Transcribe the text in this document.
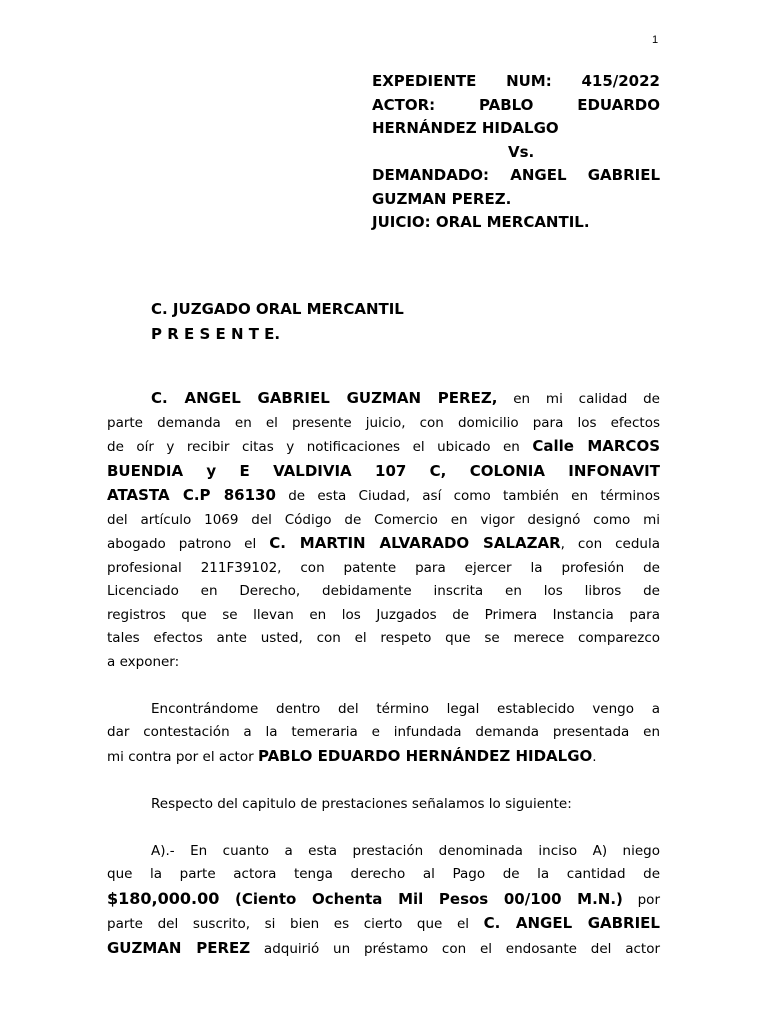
1
EXPEDIENTE NUM: 415/2022
ACTOR: PABLO EDUARDO
HERNÁNDEZ HIDALGO
Vs.
DEMANDADO: ANGEL GABRIEL
GUZMAN PEREZ.
JUICIO: ORAL MERCANTIL.
C. JUZGADO ORAL MERCANTIL
P R E S E N T E.
C. ANGEL GABRIEL GUZMAN PEREZ, en mi calidad de
parte demanda en el presente juicio, con domicilio para los efectos
de oír y recibir citas y notificaciones el ubicado en Calle MARCOS
BUENDIA y E VALDIVIA 107 C, COLONIA INFONAVIT
ATASTA C.P 86130 de esta Ciudad, así como también en términos
del artículo 1069 del Código de Comercio en vigor designó como mi
abogado patrono el C. MARTIN ALVARADO SALAZAR, con cedula
profesional 211F39102, con patente para ejercer la profesión de
Licenciado en Derecho, debidamente inscrita en los libros de
registros que se llevan en los Juzgados de Primera Instancia para
tales efectos ante usted, con el respeto que se merece comparezco
a exponer:
Encontrándome dentro del término legal establecido vengo a
dar contestación a la temeraria e infundada demanda presentada en
mi contra por el actor PABLO EDUARDO HERNÁNDEZ HIDALGO.
Respecto del capitulo de prestaciones señalamos lo siguiente:
A).- En cuanto a esta prestación denominada inciso A) niego
que la parte actora tenga derecho al Pago de la cantidad de
$180,000.00 (Ciento Ochenta Mil Pesos 00/100 M.N.) por
parte del suscrito, si bien es cierto que el C. ANGEL GABRIEL
GUZMAN PEREZ adquirió un préstamo con el endosante del actor
